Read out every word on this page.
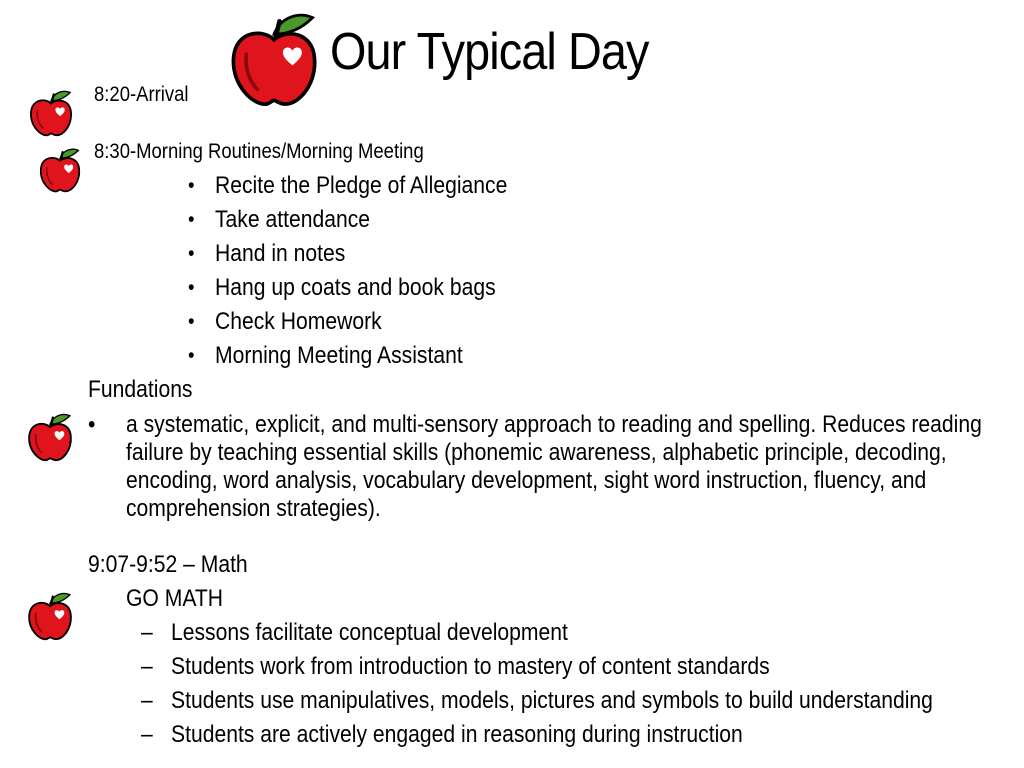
Our Typical Day
8:20-Arrival
8:30-Morning Routines/Morning Meeting
• Recite the Pledge of Allegiance
• Take attendance
• Hand in notes
• Hang up coats and book bags
• Check Homework
• Morning Meeting Assistant
Fundations
• a systematic, explicit, and multi-sensory approach to reading and spelling. Reduces reading failure by teaching essential skills (phonemic awareness, alphabetic principle, decoding, encoding, word analysis, vocabulary development, sight word instruction, fluency, and comprehension strategies).
9:07-9:52 – Math
GO MATH
– Lessons facilitate conceptual development
– Students work from introduction to mastery of content standards
– Students use manipulatives, models, pictures and symbols to build understanding
– Students are actively engaged in reasoning during instruction
